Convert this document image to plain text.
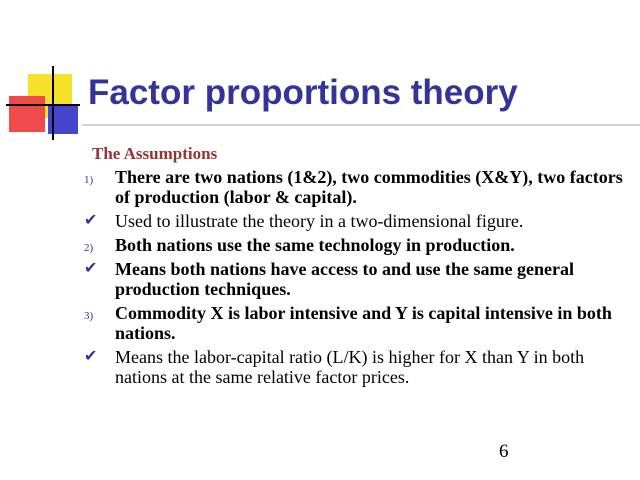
Factor proportions theory
The Assumptions
1) There are two nations (1&2), two commodities (X&Y), two factors of production (labor & capital).
✔ Used to illustrate the theory in a two-dimensional figure.
2) Both nations use the same technology in production.
✔ Means both nations have access to and use the same general production techniques.
3) Commodity X is labor intensive and Y is capital intensive in both nations.
✔ Means the labor-capital ratio (L/K) is higher for X than Y in both nations at the same relative factor prices.
6
